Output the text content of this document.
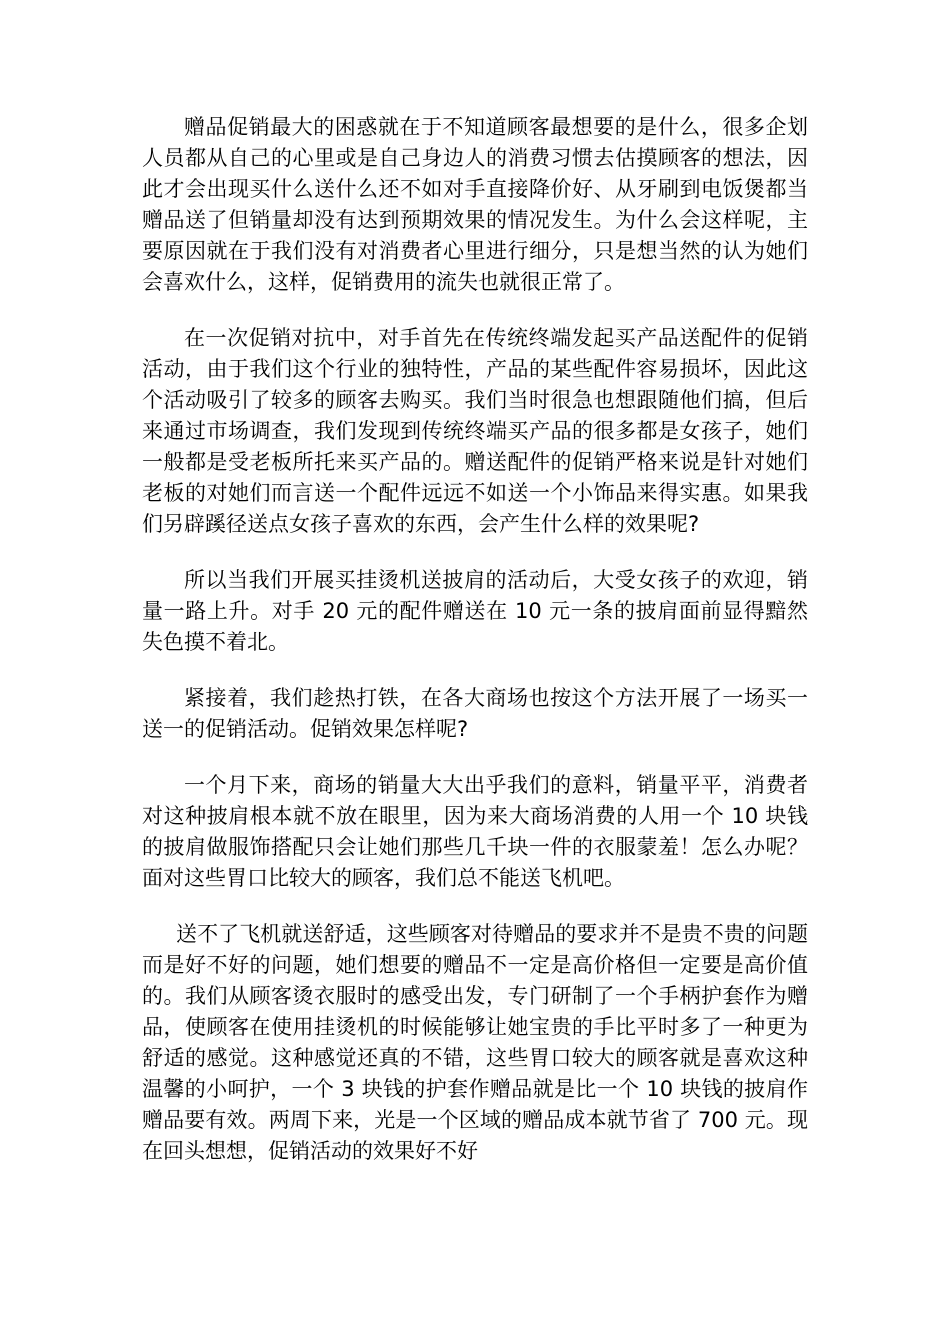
赠品促销最大的困惑就在于不知道顾客最想要的是什么，很多企划人员都从自己的心里或是自己身边人的消费习惯去估摸顾客的想法，因此才会出现买什么送什么还不如对手直接降价好、从牙刷到电饭煲都当赠品送了但销量却没有达到预期效果的情况发生。为什么会这样呢，主要原因就在于我们没有对消费者心里进行细分，只是想当然的认为她们会喜欢什么，这样，促销费用的流失也就很正常了。

在一次促销对抗中，对手首先在传统终端发起买产品送配件的促销活动，由于我们这个行业的独特性，产品的某些配件容易损坏，因此这个活动吸引了较多的顾客去购买。我们当时很急也想跟随他们搞，但后来通过市场调查，我们发现到传统终端买产品的很多都是女孩子，她们一般都是受老板所托来买产品的。赠送配件的促销严格来说是针对她们老板的对她们而言送一个配件远远不如送一个小饰品来得实惠。如果我们另辟蹊径送点女孩子喜欢的东西，会产生什么样的效果呢?

所以当我们开展买挂烫机送披肩的活动后，大受女孩子的欢迎，销量一路上升。对手 20 元的配件赠送在 10 元一条的披肩面前显得黯然失色摸不着北。

紧接着，我们趁热打铁，在各大商场也按这个方法开展了一场买一送一的促销活动。促销效果怎样呢?

一个月下来，商场的销量大大出乎我们的意料，销量平平，消费者对这种披肩根本就不放在眼里，因为来大商场消费的人用一个 10 块钱的披肩做服饰搭配只会让她们那些几千块一件的衣服蒙羞！怎么办呢？面对这些胃口比较大的顾客，我们总不能送飞机吧。

送不了飞机就送舒适，这些顾客对待赠品的要求并不是贵不贵的问题而是好不好的问题，她们想要的赠品不一定是高价格但一定要是高价值的。我们从顾客烫衣服时的感受出发，专门研制了一个手柄护套作为赠品，使顾客在使用挂烫机的时候能够让她宝贵的手比平时多了一种更为舒适的感觉。这种感觉还真的不错，这些胃口较大的顾客就是喜欢这种温馨的小呵护，一个 3 块钱的护套作赠品就是比一个 10 块钱的披肩作赠品要有效。两周下来，光是一个区域的赠品成本就节省了 700 元。现在回头想想，促销活动的效果好不好
